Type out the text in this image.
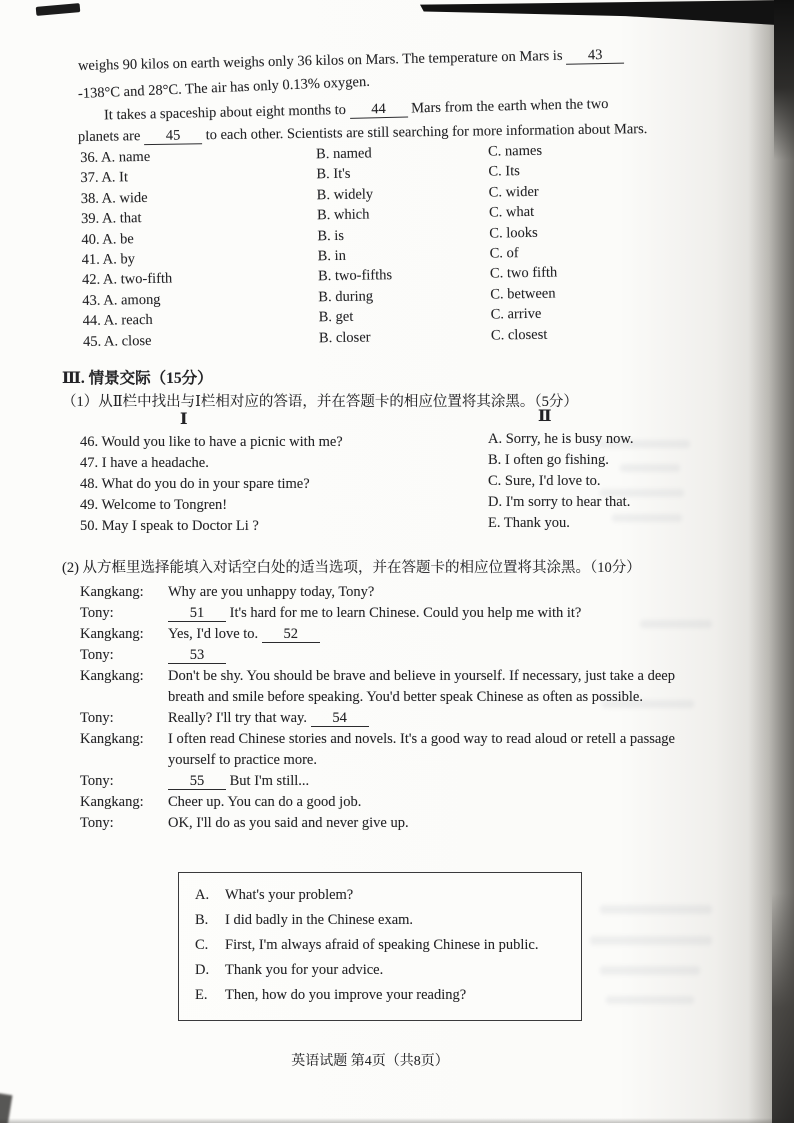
weighs 90 kilos on earth weighs only 36 kilos on Mars. The temperature on Mars is 43
-138°C and 28°C. The air has only 0.13% oxygen.
It takes a spaceship about eight months to 44 Mars from the earth when the two
planets are 45 to each other. Scientists are still searching for more information about Mars.
36. A. name	B. named	C. names
37. A. It	B. It's	C. Its
38. A. wide	B. widely	C. wider
39. A. that	B. which	C. what
40. A. be	B. is	C. looks
41. A. by	B. in	C. of
42. A. two-fifth	B. two-fifths	C. two fifth
43. A. among	B. during	C. between
44. A. reach	B. get	C. arrive
45. A. close	B. closer	C. closest
Ⅲ. 情景交际（15分）
（1）从Ⅱ栏中找出与Ⅰ栏相对应的答语，并在答题卡的相应位置将其涂黑。（5分）
Ⅰ
46. Would you like to have a picnic with me?
47. I have a headache.
48. What do you do in your spare time?
49. Welcome to Tongren!
50. May I speak to Doctor Li ?
Ⅱ
A. Sorry, he is busy now.
B. I often go fishing.
C. Sure, I'd love to.
D. I'm sorry to hear that.
E. Thank you.
(2) 从方框里选择能填入对话空白处的适当选项，并在答题卡的相应位置将其涂黑。（10分）
Kangkang:	Why are you unhappy today, Tony?
Tony:	51 It's hard for me to learn Chinese. Could you help me with it?
Kangkang:	Yes, I'd love to. 52
Tony:	53
Kangkang:	Don't be shy. You should be brave and believe in yourself. If necessary, just take a deep breath and smile before speaking. You'd better speak Chinese as often as possible.
Tony:	Really? I'll try that way. 54
Kangkang:	I often read Chinese stories and novels. It's a good way to read aloud or retell a passage yourself to practice more.
Tony:	55 But I'm still...
Kangkang:	Cheer up. You can do a good job.
Tony:	OK, I'll do as you said and never give up.
A. What's your problem?
B. I did badly in the Chinese exam.
C. First, I'm always afraid of speaking Chinese in public.
D. Thank you for your advice.
E. Then, how do you improve your reading?
英语试题 第4页（共8页）
